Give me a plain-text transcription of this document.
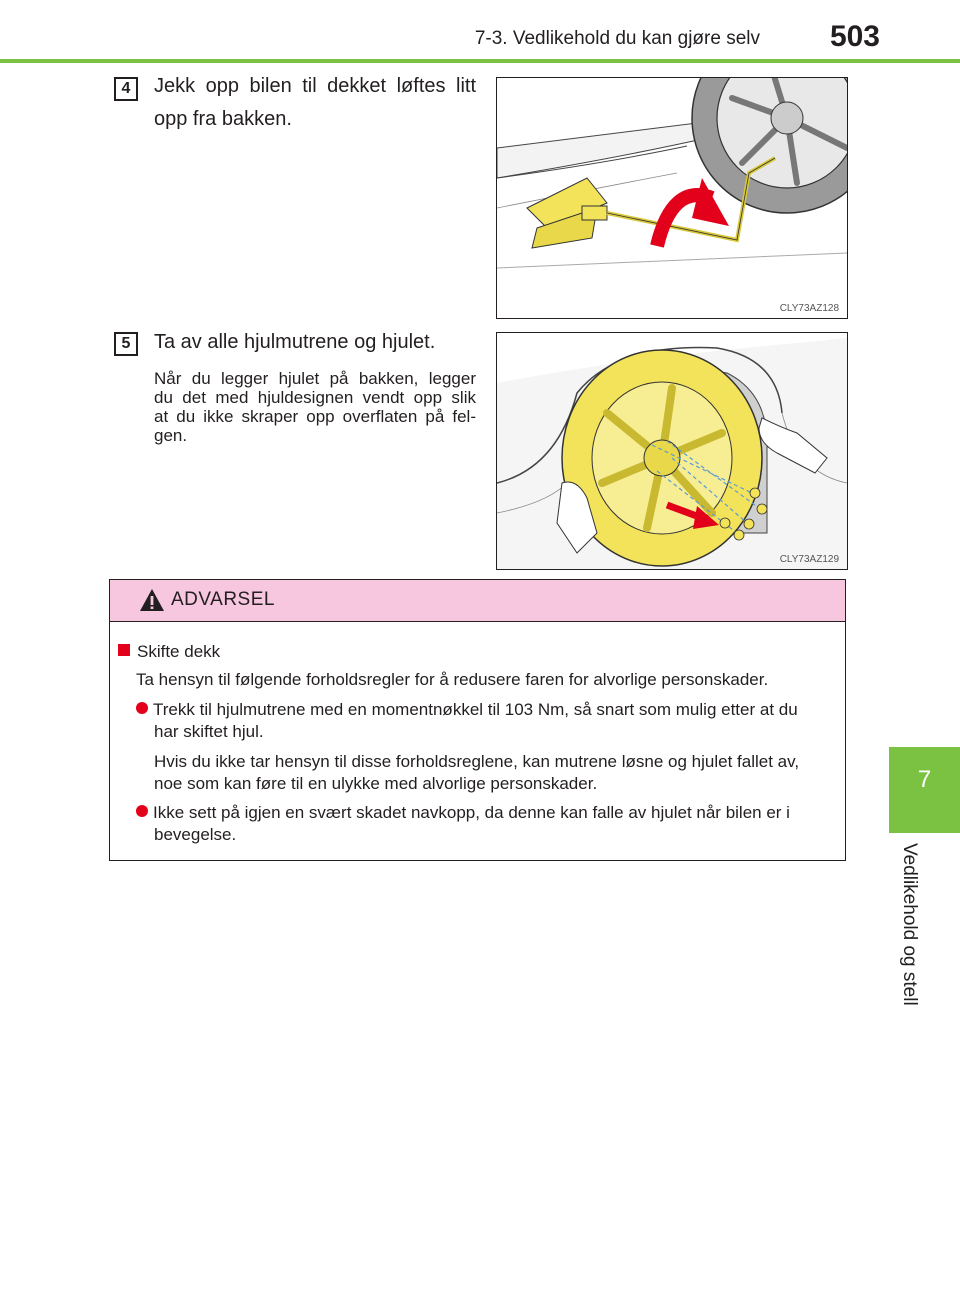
7-3. Vedlikehold du kan gjøre selv	503
7
Vedlikehold og stell
4	Jekk opp bilen til dekket løftes litt
opp fra bakken.
CLY73AZ128
5	Ta av alle hjulmutrene og hjulet.
Når du legger hjulet på bakken, legger
du det med hjuldesignen vendt opp slik
at du ikke skraper opp overflaten på fel-
gen.
CLY73AZ129
ADVARSEL
Skifte dekk
Ta hensyn til følgende forholdsregler for å redusere faren for alvorlige personskader.
Trekk til hjulmutrene med en momentnøkkel til 103 Nm, så snart som mulig etter at du
har skiftet hjul.
Hvis du ikke tar hensyn til disse forholdsreglene, kan mutrene løsne og hjulet fallet av,
noe som kan føre til en ulykke med alvorlige personskader.
Ikke sett på igjen en svært skadet navkopp, da denne kan falle av hjulet når bilen er i
bevegelse.
